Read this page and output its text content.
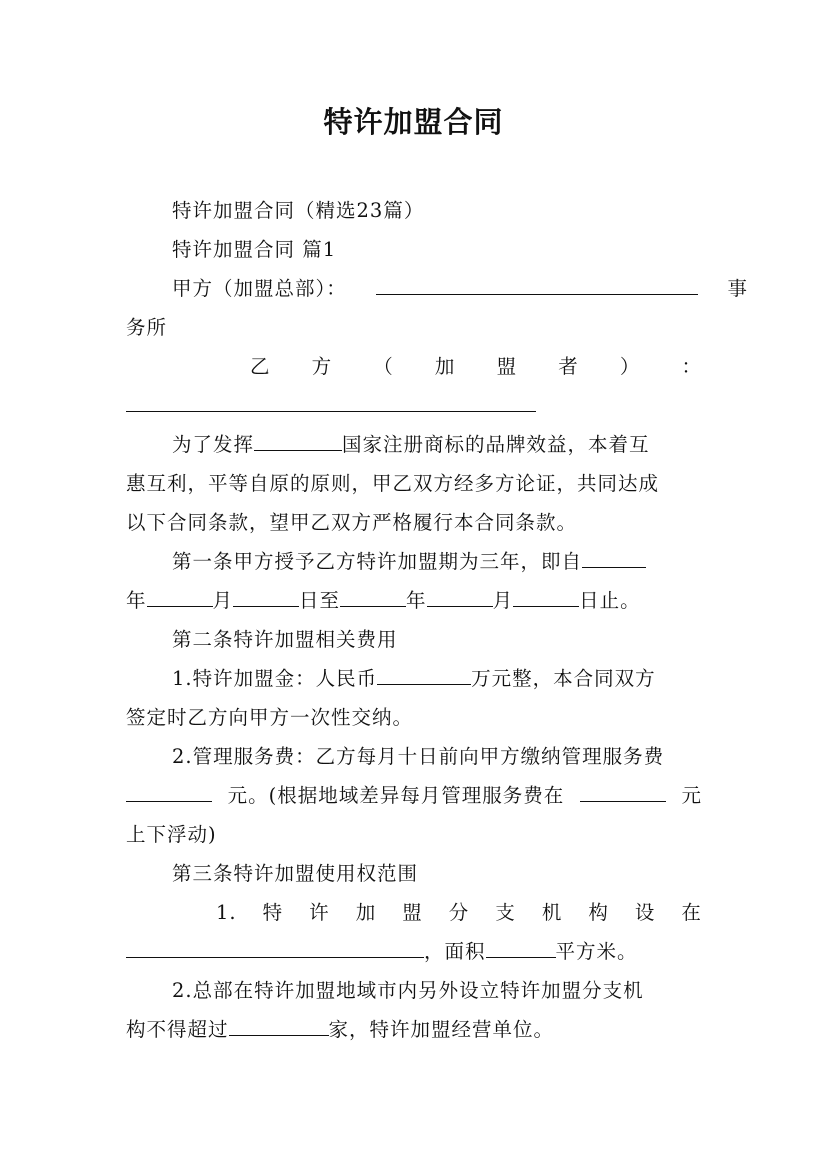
特许加盟合同
特许加盟合同（精选23篇）
特许加盟合同 篇1
甲方（加盟总部）：	事
务所
乙 方 （ 加 盟 者 ） ：
为了发挥	国家注册商标的品牌效益，本着互
惠互利，平等自原的原则，甲乙双方经多方论证，共同达成
以下合同条款，望甲乙双方严格履行本合同条款。
第一条甲方授予乙方特许加盟期为三年，即自
年	月	日至	年	月	日止。
第二条特许加盟相关费用
1.特许加盟金：人民币	万元整，本合同双方
签定时乙方向甲方一次性交纳。
2.管理服务费：乙方每月十日前向甲方缴纳管理服务费
元。(根据地域差异每月管理服务费在	元
上下浮动)
第三条特许加盟使用权范围
1. 特 许 加 盟 分 支 机 构 设 在
，面积	平方米。
2.总部在特许加盟地域市内另外设立特许加盟分支机
构不得超过	家，特许加盟经营单位。
